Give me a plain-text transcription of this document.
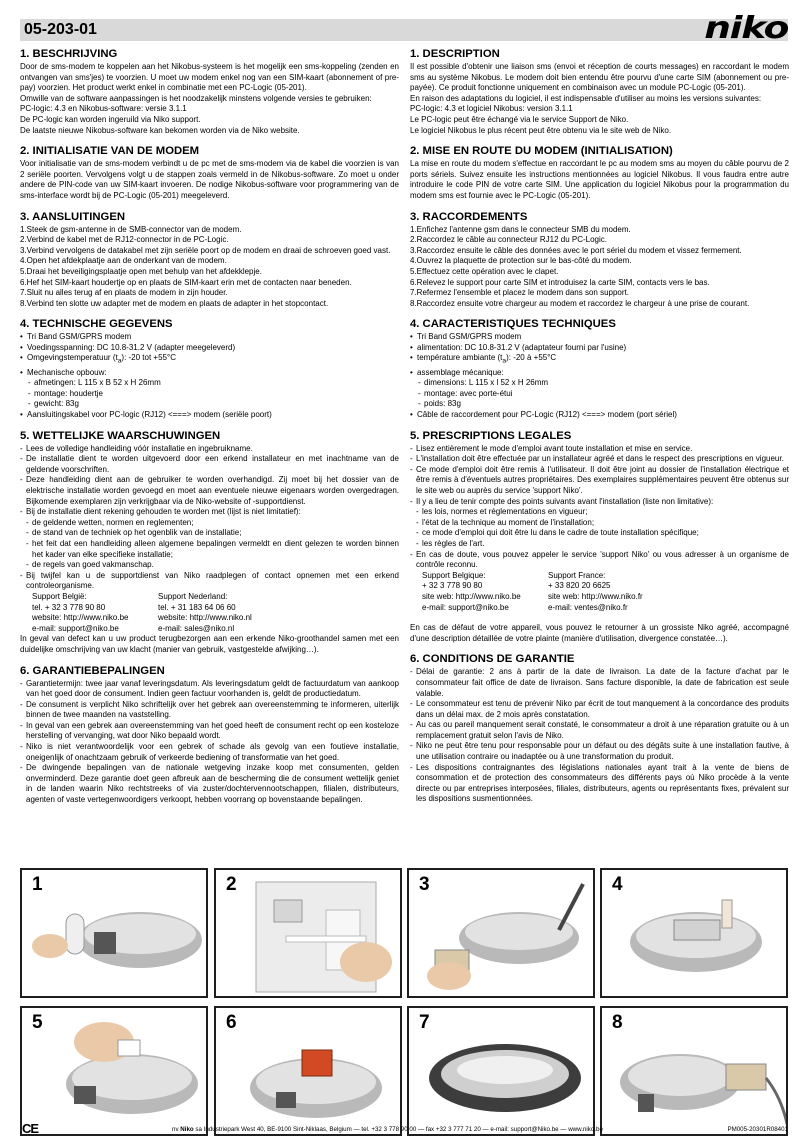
05-203-01	niko
1. BESCHRIJVING

Door de sms-modem te koppelen aan het Nikobus-systeem is het mogelijk een sms-koppeling (zenden en ontvangen van sms'jes) te voorzien. U moet uw modem enkel nog van een SIM-kaart (abonnement of pre-pay) voorzien. Het product werkt enkel in combinatie met een PC-Logic (05-201).

Omwille van de software aanpassingen is het noodzakelijk minstens volgende versies te gebruiken:

PC-logic: 4.3 en Nikobus-software: versie 3.1.1

De PC-logic kan worden ingeruild via Niko support.

De laatste nieuwe Nikobus-software kan bekomen worden via de Niko website.

2. INITIALISATIE VAN DE MODEM

Voor initialisatie van de sms-modem verbindt u de pc met de sms-modem via de kabel die voorzien is van 2 seriële poorten. Vervolgens volgt u de stappen zoals vermeld in de Nikobus-software. Zo moet u onder andere de PIN-code van uw SIM-kaart invoeren. De nodige Nikobus-software voor programmering van de sms-interface wordt bij de PC-Logic (05-201) meegeleverd.

3. AANSLUITINGEN
1.Steek de gsm-antenne in de SMB-connector van de modem.
2.Verbind de kabel met de RJ12-connector in de PC-Logic.
3.Verbind vervolgens de datakabel met zijn seriële poort op de modem en draai de schroeven goed vast.
4.Open het afdekplaatje aan de onderkant van de modem.
5.Draai het beveiligingsplaatje open met behulp van het afdekklepje.
6.Hef het SIM-kaart houdertje op en plaats de SIM-kaart erin met de contacten naar beneden.
7.Sluit nu alles terug af en plaats de modem in zijn houder.
8.Verbind ten slotte uw adapter met de modem en plaats de adapter in het stopcontact.
4. TECHNISCHE GEGEVENS
• Tri Band GSM/GPRS modem
• Voedingsspanning: DC 10.8-31.2 V (adapter meegeleverd)
• Omgevingstemperatuur $(t_a)$: -20 tot +55°C
• Mechanische opbouw:
- afmetingen: L 115 x B 52 x H 26mm
- montage: houdertje
- gewicht: 83g
• Aansluitingskabel voor PC-logic (RJ12) <===> modem (seriële poort)
5. WETTELIJKE WAARSCHUWINGEN
- Lees de volledige handleiding vóór installatie en ingebruikname.
- De installatie dient te worden uitgevoerd door een erkend installateur en met inachtname van de geldende voorschriften.
- Deze handleiding dient aan de gebruiker te worden overhandigd. Zij moet bij het dossier van de elektrische installatie worden gevoegd en moet aan eventuele nieuwe eigenaars worden overgedragen. Bijkomende exemplaren zijn verkrijgbaar via de Niko-website of -supportdienst.
- Bij de installatie dient rekening gehouden te worden met (lijst is niet limitatief):
- de geldende wetten, normen en reglementen;
- de stand van de techniek op het ogenblik van de installatie;
- het feit dat een handleiding alleen algemene bepalingen vermeldt en dient gelezen te worden binnen het kader van elke specifieke installatie;
- de regels van goed vakmanschap.
- Bij twijfel kan u de supportdienst van Niko raadplegen of contact opnemen met een erkend controleorganisme.
Support België:	Support Nederland:
tel. + 32 3 778 90 80	tel. + 31 183 64 06 60
website: http://www.niko.be	website: http://www.niko.nl
e-mail: support@niko.be	e-mail: sales@niko.nl

In geval van defect kan u uw product terugbezorgen aan een erkende Niko-groothandel samen met een duidelijke omschrijving van uw klacht (manier van gebruik, vastgestelde afwijking…).

6. GARANTIEBEPALINGEN
- Garantietermijn: twee jaar vanaf leveringsdatum. Als leveringsdatum geldt de factuurdatum van aankoop van het goed door de consument. Indien geen factuur voorhanden is, geldt de productiedatum.
- De consument is verplicht Niko schriftelijk over het gebrek aan overeenstemming te informeren, uiterlijk binnen de twee maanden na vaststelling.
- In geval van een gebrek aan overeenstemming van het goed heeft de consument recht op een kosteloze herstelling of vervanging, wat door Niko bepaald wordt.
- Niko is niet verantwoordelijk voor een gebrek of schade als gevolg van een foutieve installatie, oneigenlijk of onachtzaam gebruik of verkeerde bediening of transformatie van het goed.
- De dwingende bepalingen van de nationale wetgeving inzake koop met consumenten, gelden onverminderd. Deze garantie doet geen afbreuk aan de bescherming die de consument wettelijk geniet in de landen waarin Niko rechtstreeks of via zuster/dochtervennootschappen, filialen, distributeurs, agenten of vaste vertegenwoordigers verkoopt, hebben voorrang op bovenstaande bepalingen.
1. DESCRIPTION

Il est possible d'obtenir une liaison sms (envoi et réception de courts messages) en raccordant le modem sms au système Nikobus. Le modem doit bien entendu être pourvu d'une carte SIM (abonnement ou pre-payée). Ce produit fonctionne uniquement en combinaison avec un module PC-Logic (05-201).

En raison des adaptations du logiciel, il est indispensable d'utiliser au moins les versions suivantes:

PC-logic: 4.3 et logiciel Nikobus: version 3.1.1

Le PC-logic peut être échangé via le service Support de Niko.

Le logiciel Nikobus le plus récent peut être obtenu via le site web de Niko.

2. MISE EN ROUTE DU MODEM (INITIALISATION)

La mise en route du modem s'effectue en raccordant le pc au modem sms au moyen du câble pourvu de 2 ports sériels. Suivez ensuite les instructions mentionnées au logiciel Nikobus. Il vous faudra entre autre introduire le code PIN de votre carte SIM. Une application du logiciel Nikobus pour la programmation du modem sms est fournie avec le PC-Logic (05-201).

3. RACCORDEMENTS
1.Enfichez l'antenne gsm dans le connecteur SMB du modem.
2.Raccordez le câble au connecteur RJ12 du PC-Logic.
3.Raccordez ensuite le câble des données avec le port sériel du modem et vissez fermement.
4.Ouvrez la plaquette de protection sur le bas-côté du modem.
5.Effectuez cette opération avec le clapet.
6.Relevez le support pour carte SIM et introduisez la carte SIM, contacts vers le bas.
7.Refermez l'ensemble et placez le modem dans son support.
8.Raccordez ensuite votre chargeur au modem et raccordez le chargeur à une prise de courant.
4. CARACTERISTIQUES TECHNIQUES
• Tri Band GSM/GPRS modem
• alimentation: DC 10.8-31.2 V (adaptateur fourni par l'usine)
• température ambiante $(t_a)$: -20 à +55°C
• assemblage mécanique:
- dimensions: L 115 x l 52 x H 26mm
- montage: avec porte-étui
- poids: 83g
• Câble de raccordement pour PC-Logic (RJ12) <===> modem (port sériel)
5. PRESCRIPTIONS LEGALES
- Lisez entièrement le mode d'emploi avant toute installation et mise en service.
- L'installation doit être effectuée par un installateur agréé et dans le respect des prescriptions en vigueur.
- Ce mode d'emploi doit être remis à l'utilisateur. Il doit être joint au dossier de l'installation électrique et être remis à d'éventuels autres propriétaires. Des exemplaires supplémentaires peuvent être obtenus sur le site web ou auprès du service 'support Niko'.
- Il y a lieu de tenir compte des points suivants avant l'installation (liste non limitative):
- les lois, normes et réglementations en vigueur;
- l'état de la technique au moment de l'installation;
- ce mode d'emploi qui doit être lu dans le cadre de toute installation spécifique;
- les règles de l'art.
- En cas de doute, vous pouvez appeler le service 'support Niko' ou vous adresser à un organisme de contrôle reconnu.
Support Belgique:	Support France:
+ 32 3 778 90 80	+ 33 820 20 6625
site web: http://www.niko.be	site web: http://www.niko.fr
e-mail: support@niko.be	e-mail: ventes@niko.fr

En cas de défaut de votre appareil, vous pouvez le retourner à un grossiste Niko agréé, accompagné d'une description détaillée de votre plainte (manière d'utilisation, divergence constatée…).

6. CONDITIONS DE GARANTIE
- Délai de garantie: 2 ans à partir de la date de livraison. La date de la facture d'achat par le consommateur fait office de date de livraison. Sans facture disponible, la date de fabrication est seule valable.
- Le consommateur est tenu de prévenir Niko par écrit de tout manquement à la concordance des produits dans un délai max. de 2 mois après constatation.
- Au cas ou pareil manquement serait constaté, le consommateur a droit à une réparation gratuite ou à un remplacement gratuit selon l'avis de Niko.
- Niko ne peut être tenu pour responsable pour un défaut ou des dégâts suite à une installation fautive, à une utilisation contraire ou inadaptée ou à une transformation du produit.
- Les dispositions contraignantes des législations nationales ayant trait à la vente de biens de consommation et de protection des consommateurs des différents pays où Niko procède à la vente directe ou par entreprises interposées, filiales, distributeurs, agents ou représentants fixes, prévalent sur les dispositions susmentionnées.
1	2	3	4
5	6	7	8
CE	nv Niko sa Industriepark West 40, BE-9100 Sint-Niklaas, Belgium — tel. +32 3 778 90 00 — fax +32 3 777 71 20 — e-mail: support@Niko.be — www.niko.be	PM005-20301R08401
